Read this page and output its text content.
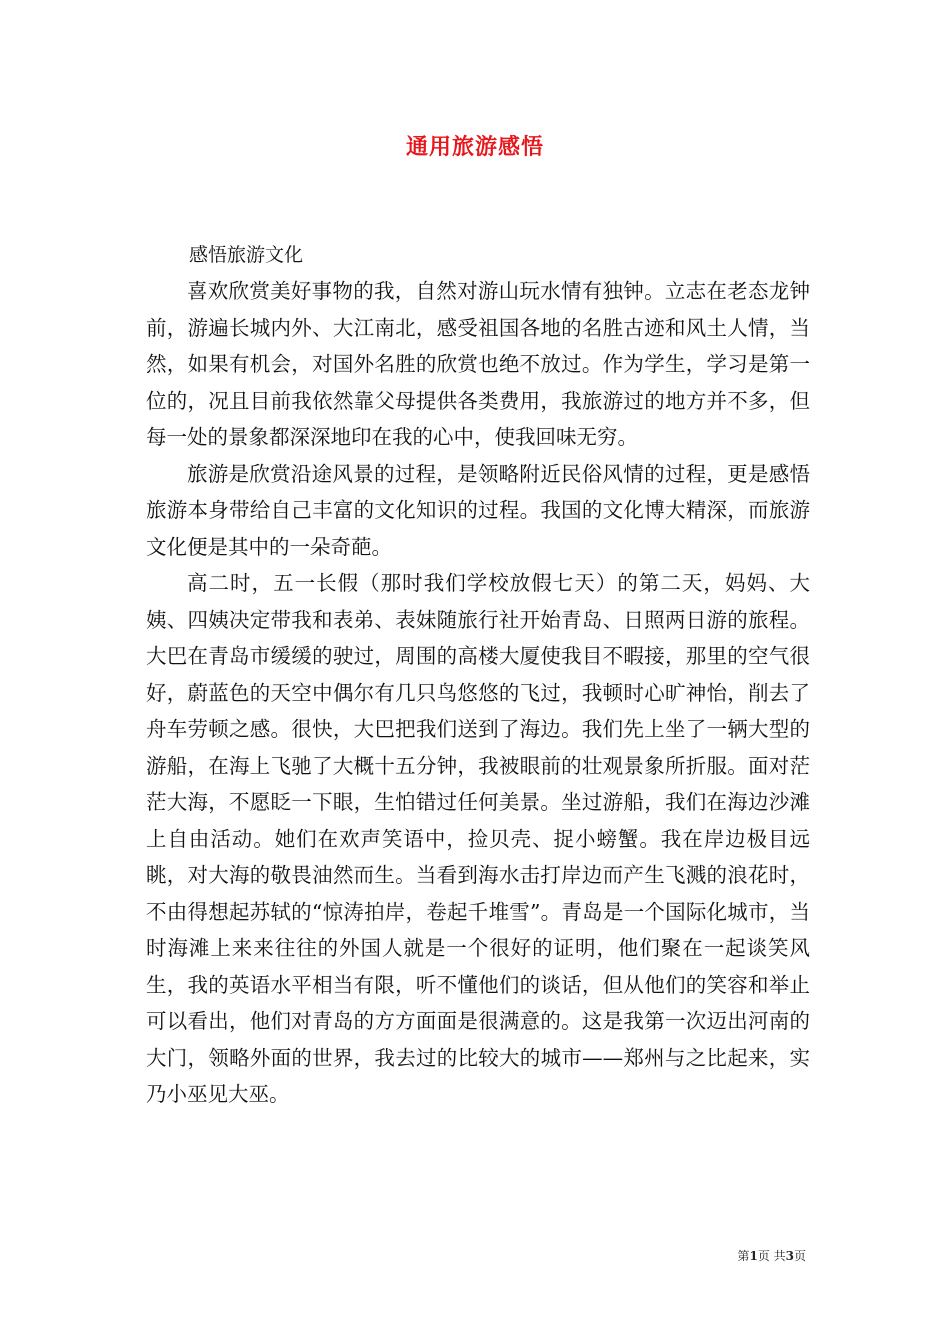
通用旅游感悟
感悟旅游文化

喜欢欣赏美好事物的我，自然对游山玩水情有独钟。立志在老态龙钟前，游遍长城内外、大江南北，感受祖国各地的名胜古迹和风土人情，当然，如果有机会，对国外名胜的欣赏也绝不放过。作为学生，学习是第一位的，况且目前我依然靠父母提供各类费用，我旅游过的地方并不多，但每一处的景象都深深地印在我的心中，使我回味无穷。

旅游是欣赏沿途风景的过程，是领略附近民俗风情的过程，更是感悟旅游本身带给自己丰富的文化知识的过程。我国的文化博大精深，而旅游文化便是其中的一朵奇葩。

高二时，五一长假（那时我们学校放假七天）的第二天，妈妈、大姨、四姨决定带我和表弟、表妹随旅行社开始青岛、日照两日游的旅程。大巴在青岛市缓缓的驶过，周围的高楼大厦使我目不暇接，那里的空气很好，蔚蓝色的天空中偶尔有几只鸟悠悠的飞过，我顿时心旷神怡，削去了舟车劳顿之感。很快，大巴把我们送到了海边。我们先上坐了一辆大型的游船，在海上飞驰了大概十五分钟，我被眼前的壮观景象所折服。面对茫茫大海，不愿眨一下眼，生怕错过任何美景。坐过游船，我们在海边沙滩上自由活动。她们在欢声笑语中，捡贝壳、捉小螃蟹。我在岸边极目远眺，对大海的敬畏油然而生。当看到海水击打岸边而产生飞溅的浪花时，不由得想起苏轼的“惊涛拍岸，卷起千堆雪”。青岛是一个国际化城市，当时海滩上来来往往的外国人就是一个很好的证明，他们聚在一起谈笑风生，我的英语水平相当有限，听不懂他们的谈话，但从他们的笑容和举止可以看出，他们对青岛的方方面面是很满意的。这是我第一次迈出河南的大门，领略外面的世界，我去过的比较大的城市——郑州与之比起来，实乃小巫见大巫。

第1页 共3页
